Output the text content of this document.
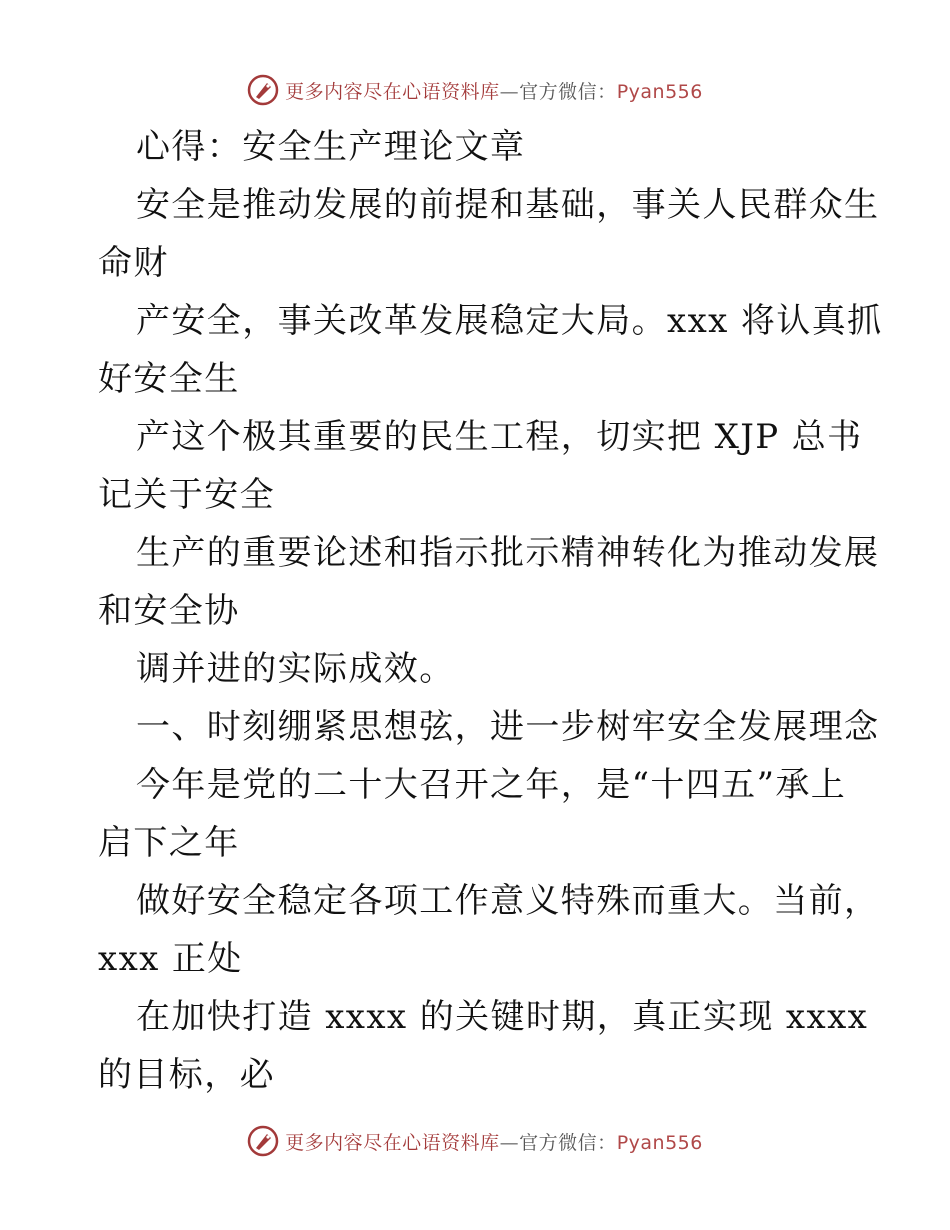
更多内容尽在心语资料库—官方微信：Pyan556
心得：安全生产理论文章
安全是推动发展的前提和基础，事关人民群众生
命财
产安全，事关改革发展稳定大局。xxx 将认真抓
好安全生
产这个极其重要的民生工程，切实把 XJP 总书
记关于安全
生产的重要论述和指示批示精神转化为推动发展
和安全协
调并进的实际成效。
一、时刻绷紧思想弦，进一步树牢安全发展理念
今年是党的二十大召开之年，是“十四五”承上
启下之年
做好安全稳定各项工作意义特殊而重大。当前，
xxx 正处
在加快打造 xxxx 的关键时期，真正实现 xxxx
的目标，必
更多内容尽在心语资料库—官方微信：Pyan556
